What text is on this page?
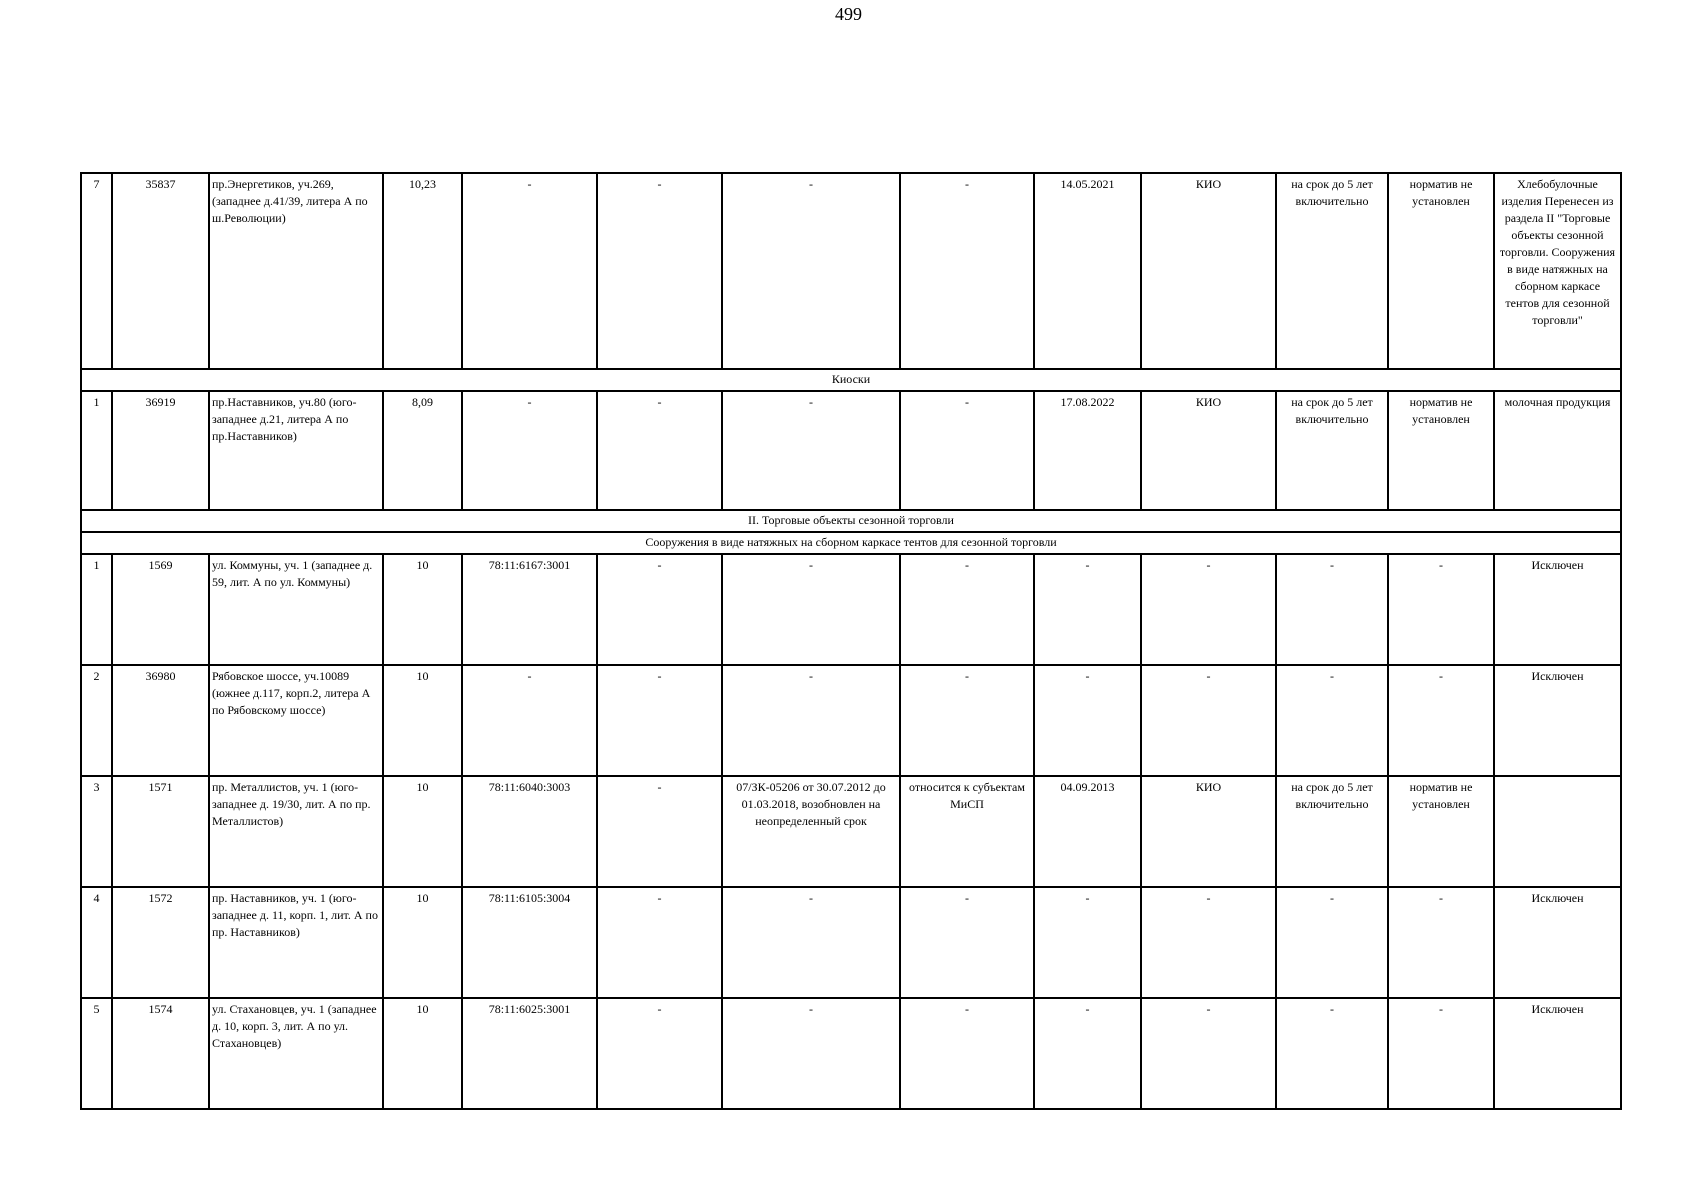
499
7	35837	пр.Энергетиков, уч.269, (западнее д.41/39, литера А по ш.Революции)	10,23	-	-	-	-	14.05.2021	КИО	на срок до 5 лет включительно	норматив не установлен	Хлебобулочные изделия Перенесен из раздела II "Торговые объекты сезонной торговли. Сооружения в виде натяжных на сборном каркасе тентов для сезонной торговли"
Киоски												
1	36919	пр.Наставников, уч.80 (юго-западнее д.21, литера А по пр.Наставников)	8,09	-	-	-	-	17.08.2022	КИО	на срок до 5 лет включительно	норматив не установлен	молочная продукция
II. Торговые объекты сезонной торговли												
Сооружения в виде натяжных на сборном каркасе тентов для сезонной торговли												
1	1569	ул. Коммуны, уч. 1 (западнее д. 59, лит. А по ул. Коммуны)	10	78:11:6167:3001	-	-	-	-	-	-	-	Исключен
2	36980	Рябовское шоссе, уч.10089 (южнее д.117, корп.2, литера А по Рябовскому шоссе)	10	-	-	-	-	-	-	-	-	Исключен
3	1571	пр. Металлистов, уч. 1 (юго-западнее д. 19/30, лит. А по пр. Металлистов)	10	78:11:6040:3003	-	07/ЗК-05206 от 30.07.2012 до 01.03.2018, возобновлен на неопределенный срок	относится к субъектам МиСП	04.09.2013	КИО	на срок до 5 лет включительно	норматив не установлен	
4	1572	пр. Наставников, уч. 1 (юго-западнее д. 11, корп. 1, лит. А по пр. Наставников)	10	78:11:6105:3004	-	-	-	-	-	-	-	Исключен
5	1574	ул. Стахановцев, уч. 1 (западнее д. 10, корп. 3, лит. А по ул. Стахановцев)	10	78:11:6025:3001	-	-	-	-	-	-	-	Исключен
